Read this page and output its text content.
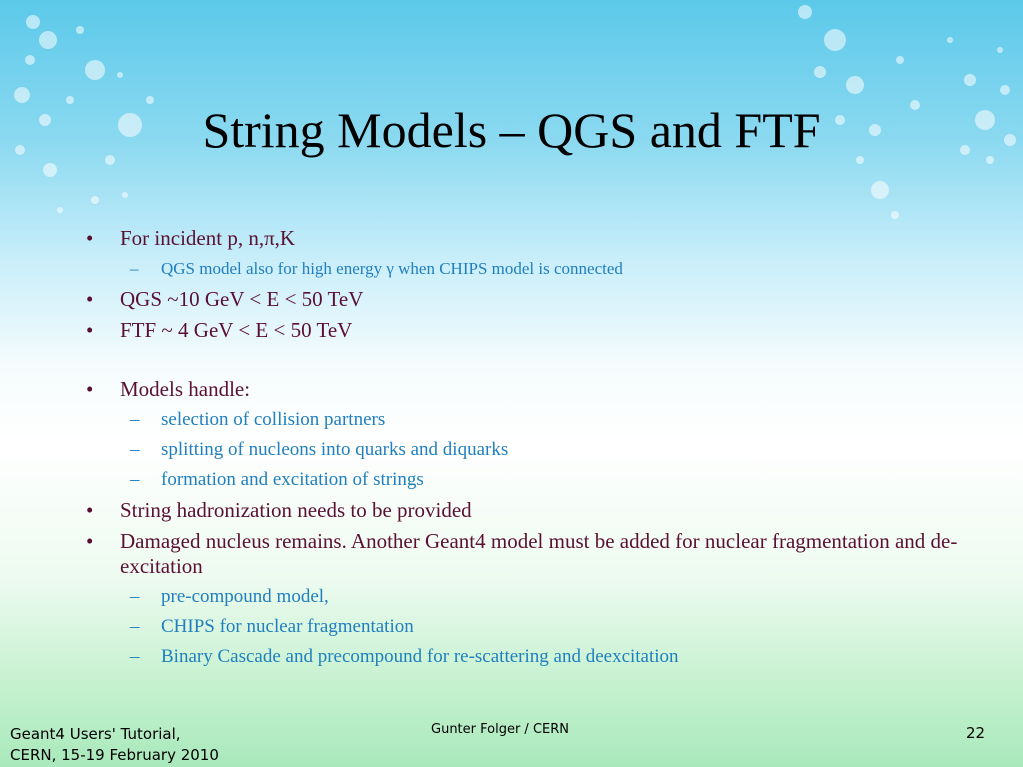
String Models – QGS and FTF
•	For incident p, n,π,K
–	QGS model also for high energy γ when CHIPS model is connected
•	QGS ~10 GeV < E < 50 TeV
•	FTF ~ 4 GeV < E < 50 TeV
•	Models handle:
–	selection of collision partners
–	splitting of nucleons into quarks and diquarks
–	formation and excitation of strings
•	String hadronization needs to be provided
•	Damaged nucleus remains. Another Geant4 model must be added for nuclear fragmentation and de-excitation
–	pre-compound model,
–	CHIPS for nuclear fragmentation
–	Binary Cascade and precompound for re-scattering and deexcitation
Geant4 Users' Tutorial,
CERN, 15-19 February 2010
Gunter Folger / CERN	22
